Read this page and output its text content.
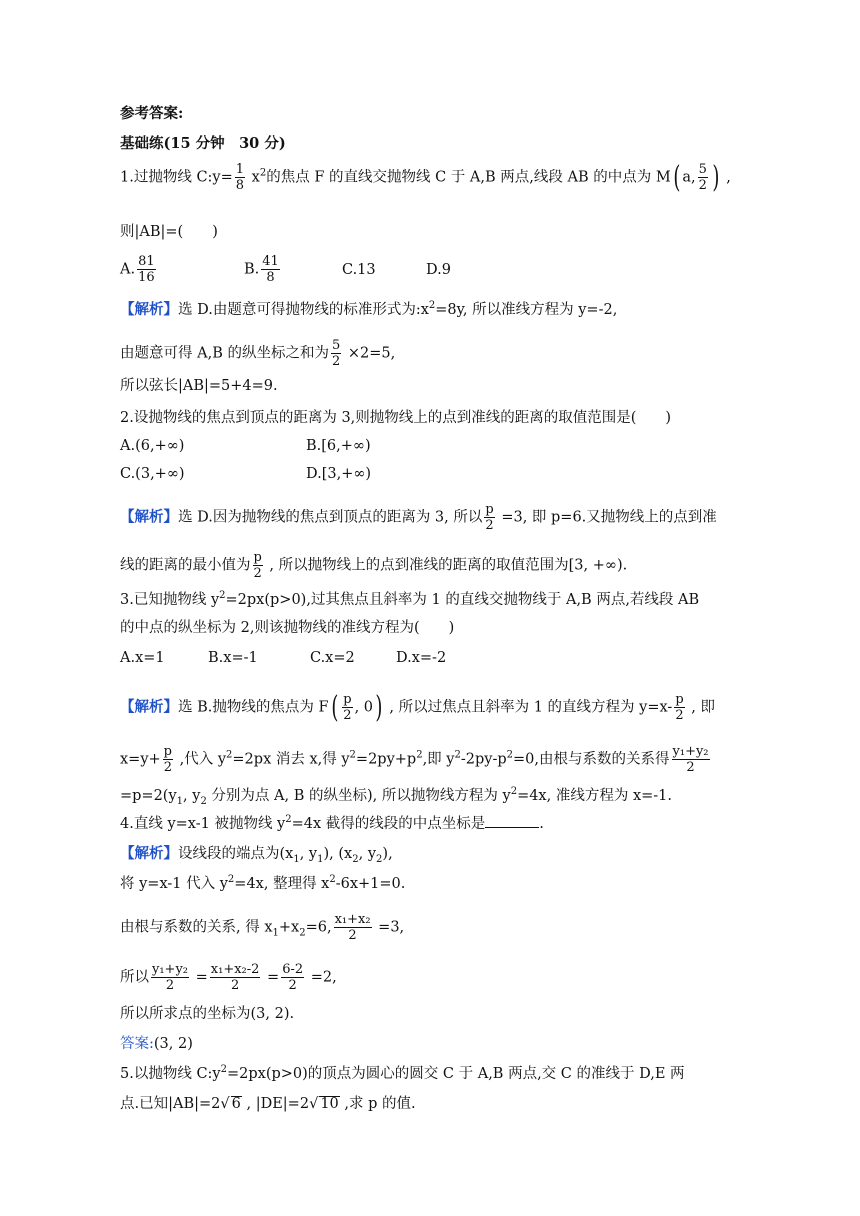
参考答案:
基础练(15 分钟　30 分)
1.过抛物线 C:y= $\frac{1}{8} x^2$的焦点 F 的直线交抛物线 C 于 A,B 两点,线段 AB 的中点为 M( a, $\frac{5}{2}$ ) ,
则|AB|=(　　)
A. $\frac{81}{16}$	B. $\frac{41}{8}$	C.13	D.9
【解析】选 D.由题意可得抛物线的标准形式为$:x^2=8y$, 所以准线方程为 y=-2,
由题意可得 A,B 的纵坐标之和为 $\frac{5}{2} \times 2=5$,
所以弦长|AB|=5+4=9.
2.设抛物线的焦点到顶点的距离为 3,则抛物线上的点到准线的距离的取值范围是(　　)
A.(6,+∞)	B.[6,+∞)
C.(3,+∞)	D.[3,+∞)
【解析】选 D.因为抛物线的焦点到顶点的距离为 3, 所以 $\frac{p}{2} =3$, 即 p=6.又抛物线上的点到准
线的距离的最小值为 $\frac{p}{2}$ , 所以抛物线上的点到准线的距离的取值范围为[3, +∞).
3.已知抛物线 $y^2=2px(p>0)$,过其焦点且斜率为 1 的直线交抛物线于 A,B 两点,若线段 AB
的中点的纵坐标为 2,则该抛物线的准线方程为(　　)
A.x=1	B.x=-1	C.x=2	D.x=-2
【解析】选 B.抛物线的焦点为 $F( \frac{p}{2}$ , 0) , 所以过焦点且斜率为 1 的直线方程为 $y=x- \frac{p}{2}$ , 即
$x=y+ \frac{p}{2}$ ,代入 $y^2=2px$ 消去 x,得 $y^2=2py+p^2$,即 $y^2-2py-p^2=0$,由根与系数的关系得 $\frac{\text{y₁+y₂}}{2}$
$=p=2(y_1$, $y_2$ 分别为点 A, B 的纵坐标), 所以抛物线方程为 $y^2=4x$, 准线方程为 x=-1.
4.直线 y=x-1 被抛物线 $y^2=4x$ 截得的线段的中点坐标是	.
【解析】设线段的端点为($x_1$, $y_1$), ($x_2$, $y_2$),
将 y=x-1 代入 $y^2=4x$, 整理得 $x^2-6x+1=0$.
由根与系数的关系, 得 $x_1+x_2=6$, $\frac{\text{x₁+x₂}}{2} =3$,
所以 $\frac{\text{y₁+y₂}}{2} = \frac{\text{x₁+x₂-2}}{2} = \frac{6-2}{2} =2$,
所以所求点的坐标为(3, 2).
答案:(3, 2)
5.以抛物线 $C:y^2=2px(p>0)$的顶点为圆心的圆交 C 于 A,B 两点,交 C 的准线于 D,E 两
点.已知|AB|=2√ 6 , |DE|=2√ 10 ,求 p 的值.
